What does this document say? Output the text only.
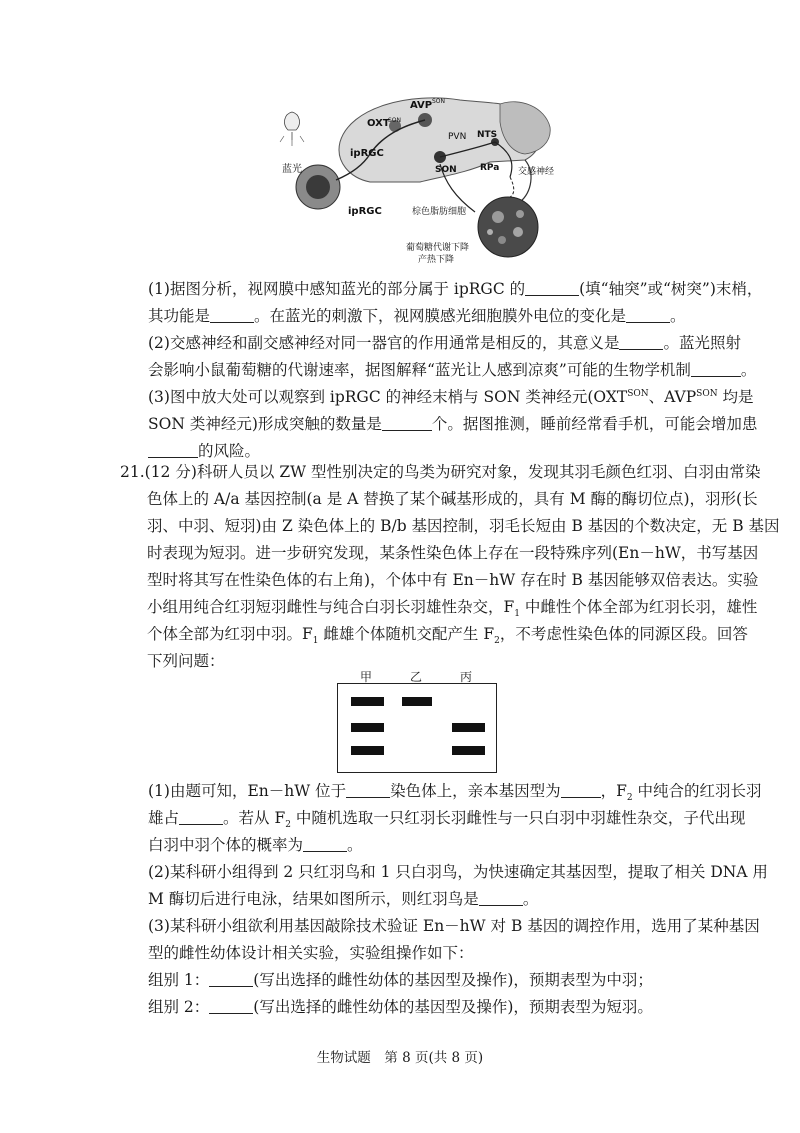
AVP SON
OXT
SON
PVN NTS
ipRGC
SON	RPa
蓝光	交感神经
ipRGC	棕色脂肪细胞
葡萄糖代谢下降
产热下降
(1)据图分析，视网膜中感知蓝光的部分属于 ipRGC 的	(填“轴突”或“树突”)末梢，
其功能是	。在蓝光的刺激下，视网膜感光细胞膜外电位的变化是	。
(2)交感神经和副交感神经对同一器官的作用通常是相反的，其意义是	。蓝光照射
会影响小鼠葡萄糖的代谢速率，据图解释“蓝光让人感到凉爽”可能的生物学机制	。
(3)图中放大处可以观察到 ipRGC 的神经末梢与 SON 类神经元($OXT^{SON}$、$AVP^{SON}$ 均是
SON 类神经元)形成突触的数量是	个。据图推测，睡前经常看手机，可能会增加患
的风险。
21.(12 分)科研人员以 ZW 型性别决定的鸟类为研究对象，发现其羽毛颜色红羽、白羽由常染
色体上的 A/a 基因控制(a 是 A 替换了某个碱基形成的，具有 M 酶的酶切位点)，羽形(长
羽、中羽、短羽)由 Z 染色体上的 B/b 基因控制，羽毛长短由 B 基因的个数决定，无 B 基因
时表现为短羽。进一步研究发现，某条性染色体上存在一段特殊序列(En－hW，书写基因
型时将其写在性染色体的右上角)，个体中有 En－hW 存在时 B 基因能够双倍表达。实验
小组用纯合红羽短羽雌性与纯合白羽长羽雄性杂交，$F_1$ 中雌性个体全部为红羽长羽，雄性
个体全部为红羽中羽。$F_1$ 雌雄个体随机交配产生 $F_2$，不考虑性染色体的同源区段。回答
下列问题：
甲	乙	丙
(1)由题可知，En－hW 位于	染色体上，亲本基因型为	，$F_2$ 中纯合的红羽长羽
雄占	。若从 $F_2$ 中随机选取一只红羽长羽雌性与一只白羽中羽雄性杂交，子代出现
白羽中羽个体的概率为	。
(2)某科研小组得到 2 只红羽鸟和 1 只白羽鸟，为快速确定其基因型，提取了相关 DNA 用
M 酶切后进行电泳，结果如图所示，则红羽鸟是	。
(3)某科研小组欲利用基因敲除技术验证 En－hW 对 B 基因的调控作用，选用了某种基因
型的雌性幼体设计相关实验，实验组操作如下：
组别 1：	(写出选择的雌性幼体的基因型及操作)，预期表型为中羽；
组别 2：	(写出选择的雌性幼体的基因型及操作)，预期表型为短羽。
生物试题　第 8 页(共 8 页)
